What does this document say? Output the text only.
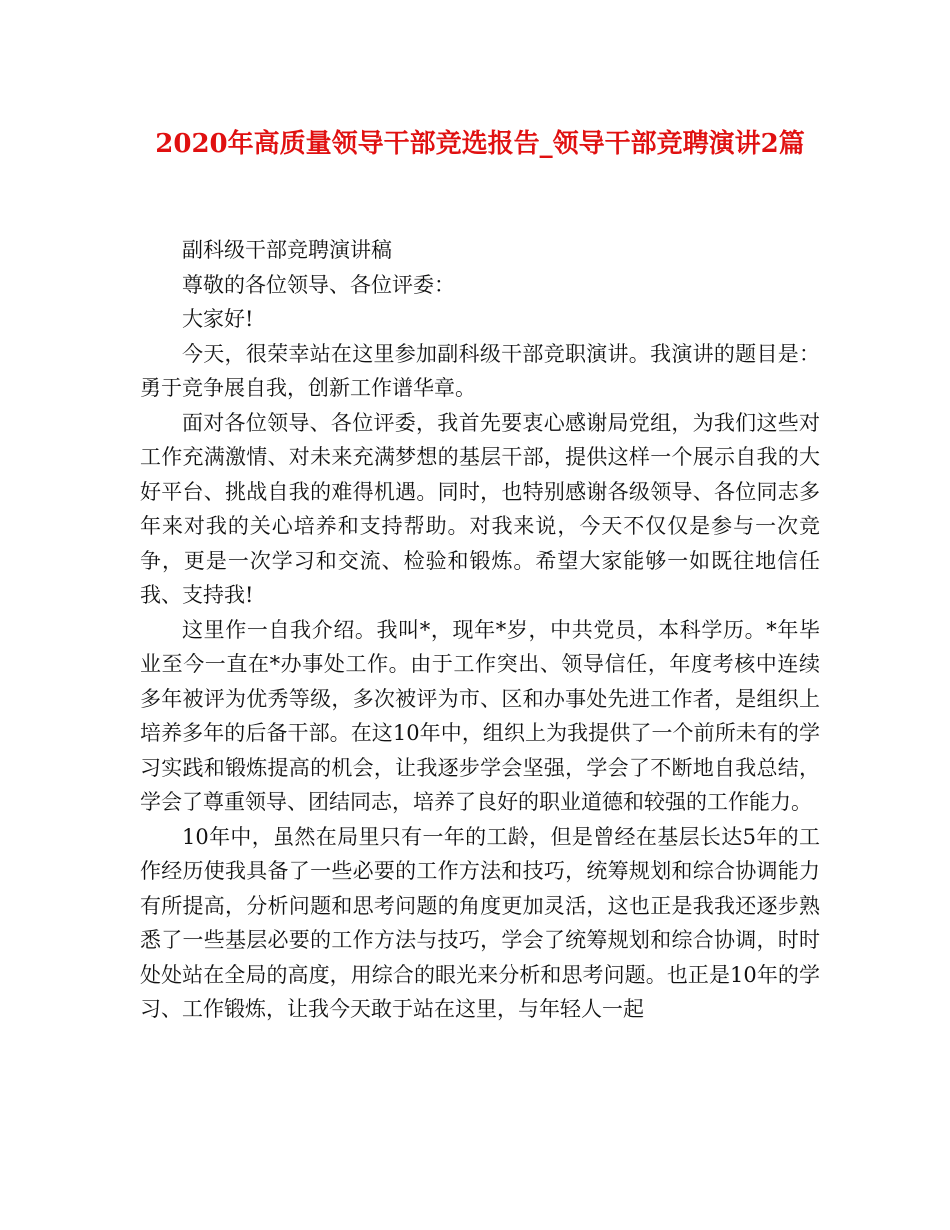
2020年高质量领导干部竞选报告_领导干部竞聘演讲2篇

副科级干部竞聘演讲稿

尊敬的各位领导、各位评委：

大家好!

今天，很荣幸站在这里参加副科级干部竞职演讲。我演讲的题目是：勇于竞争展自我，创新工作谱华章。

面对各位领导、各位评委，我首先要衷心感谢局党组，为我们这些对工作充满激情、对未来充满梦想的基层干部，提供这样一个展示自我的大好平台、挑战自我的难得机遇。同时，也特别感谢各级领导、各位同志多年来对我的关心培养和支持帮助。对我来说，今天不仅仅是参与一次竞争，更是一次学习和交流、检验和锻炼。希望大家能够一如既往地信任我、支持我!

这里作一自我介绍。我叫*，现年*岁，中共党员，本科学历。*年毕业至今一直在*办事处工作。由于工作突出、领导信任，年度考核中连续多年被评为优秀等级，多次被评为市、区和办事处先进工作者，是组织上培养多年的后备干部。在这10年中，组织上为我提供了一个前所未有的学习实践和锻炼提高的机会，让我逐步学会坚强，学会了不断地自我总结，学会了尊重领导、团结同志，培养了良好的职业道德和较强的工作能力。

10年中，虽然在局里只有一年的工龄，但是曾经在基层长达5年的工作经历使我具备了一些必要的工作方法和技巧，统筹规划和综合协调能力有所提高，分析问题和思考问题的角度更加灵活，这也正是我我还逐步熟悉了一些基层必要的工作方法与技巧，学会了统筹规划和综合协调，时时处处站在全局的高度，用综合的眼光来分析和思考问题。也正是10年的学习、工作锻炼，让我今天敢于站在这里，与年轻人一起
